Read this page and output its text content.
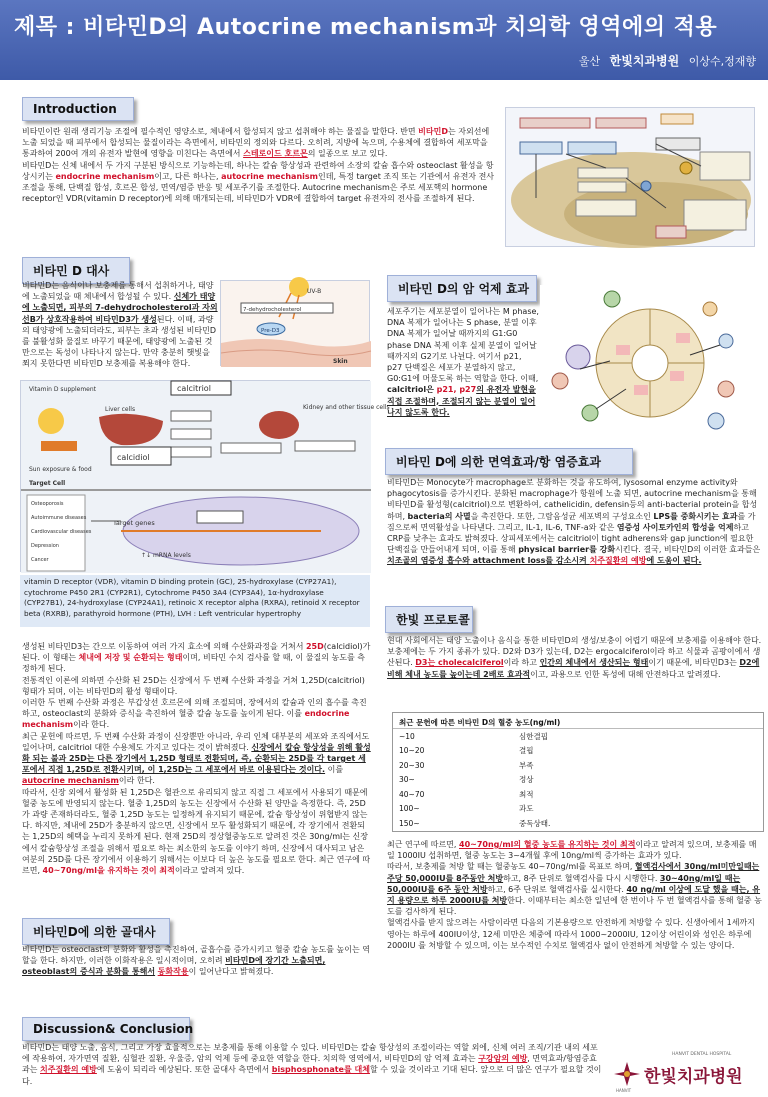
제목 : 비타민D의 Autocrine mechanism과 치의학 영역에의 적용
울산 한빛치과병원 이상수,정재향
Introduction
비타민이란 원래 생리기능 조절에 필수적인 영양소로, 체내에서 합성되지 않고 섭취해야 하는 물질을 말한다. 반면 비타민D는 자외선에 노출 되었을 때 피부에서 합성되는 물질이라는 측면에서, 비타민의 정의와 다르다. 오히려, 지방에 녹으며, 수용체에 결합하여 세포막을 통과하여 200여 개의 유전자 발현에 영향을 미친다는 측면에서 스테로이드 호르몬의 일종으로 보고 있다.
비타민D는 신체 내에서 두 가지 구분된 방식으로 기능하는데, 하나는 칼슘 항상성과 관련하여 소장의 칼슘 흡수와 osteoclast 활성을 항상시키는 endocrine mechanism이고, 다른 하나는, autocrine mechanism인데, 특정 target 조직 또는 기관에서 유전자 전사 조절을 통해, 단백질 합성, 호르몬 합성, 면역/염증 반응 및 세포주기를 조절한다. Autocrine mechanism은 주로 세포핵의 hormone receptor인 VDR(vitamin D receptor)에 의해 매개되는데, 비타민D가 VDR에 결합하여 target 유전자의 전사를 조절하게 된다.
비타민 D 대사
비타민D는 음식이나 보충제를 통해서 섭취하거나, 태양에 노출되었을 때 체내에서 합성될 수 있다. 신체가 태양에 노출되면, 피부의 7-dehydrocholesterol과 자외선B가 상호작용하여 비타민D3가 생성된다. 이때, 과량의 태양광에 노출되더라도, 피부는 초과 생성된 비타민D를 불활성화 물질로 바꾸기 때문에, 태양광에 노출된 것만으로는 독성이 나타나지 않는다. 만약 충분히 햇빛을 쬐지 못한다면 비타민D 보충제를 복용해야 한다.
UV-B
7-dehydrocholesterol
Pre-D3
Skin
Vitamin D supplement
Sun exposure & food
Liver cells
calcitriol
Kidney and other tissue cells
calcidiol
Target Cell
Osteoporosis
Autoimmune diseases
Cardiovascular diseases
Depression
Cancer
Target genes
↑↓ mRNA levels
vitamin D receptor (VDR), vitamin D binding protein (GC), 25-hydroxylase (CYP27A1), cytochrome P450 2R1 (CYP2R1), Cytochrome P450 3A4 (CYP3A4), 1α-hydroxylase (CYP27B1), 24-hydroxylase (CYP24A1), retinoic X receptor alpha (RXRA), retinoid X receptor beta (RXRB), parathyroid hormone (PTH), LVH : Left ventricular hypertrophy
생성된 비타민D3는 간으로 이동하여 여러 가지 효소에 의해 수산화과정을 거쳐서 25D(calcidiol)가 된다. 이 형태는 체내에 저장 및 순환되는 형태이며, 비타민 수치 검사를 할 때, 이 물질의 농도를 측정하게 된다.
전통적인 이론에 의하면 수산화 된 25D는 신장에서 두 번째 수산화 과정을 거쳐 1,25D(calcitriol)형태가 되며, 이는 비타민D의 활성 형태이다.
이러한 두 번째 수산화 과정은 부갑상선 호르몬에 의해 조절되며, 장에서의 칼슘과 인의 흡수를 촉진하고, osteoclast의 분화와 증식을 촉진하여 혈중 칼슘 농도를 높이게 된다. 이를 endocrine mechanism이라 한다.
최근 문헌에 따르면, 두 번째 수산화 과정이 신장뿐만 아니라, 우리 인체 대부분의 세포와 조직에서도 일어나며, calcitriol 대한 수용체도 가지고 있다는 것이 밝혀졌다. 신장에서 칼슘 항상성을 위해 활성화 되는 불과 25D는 다른 장기에서 1,25D 형태로 전환되며, 즉, 순환되는 25D를 각 target 세포에서 직접 1,25D로 전환시키며, 이 1,25D는 그 세포에서 바로 이용된다는 것이다. 이를 autocrine mechanism이라 한다.
따라서, 신장 외에서 활성화 된 1,25D은 혈관으로 유리되지 않고 직접 그 세포에서 사용되기 때문에 혈중 농도에 반영되지 않는다. 혈중 1,25D의 농도는 신장에서 수산화 된 양만을 측정한다. 즉, 25D가 과량 존재하더라도, 혈중 1,25D 농도는 일정하게 유지되기 때문에, 칼슘 항상성이 위협받지 않는다. 하지만, 체내에 25D가 충분하지 않으면, 신장에서 모두 활성화되기 때문에, 각 장기에서 전환되는 1,25D의 혜택을 누리지 못하게 된다. 현재 25D의 정상혈중농도로 알려진 것은 30ng/ml는 신장에서 칼슘항상성 조절을 위해서 필요로 하는 최소한의 농도를 이야기 하며, 신장에서 대사되고 남은 여분의 25D를 다른 장기에서 이용하기 위해서는 이보다 더 높은 농도를 필요로 한다. 최근 연구에 따르면, 40~70ng/ml을 유지하는 것이 최적이라고 알려져 있다.
비타민D에 의한 골대사
비타민D는 osteoclast의 분화와 활성을 촉진하여, 골흡수를 증가시키고 혈중 칼슘 농도를 높이는 역할을 한다. 하지만, 이러한 이화작용은 일시적이며, 오히려 비타민D에 장기간 노출되면, osteoblast의 증식과 분화를 통해서 동화작용이 일어난다고 밝혀졌다.
비타민 D의 암 억제 효과
세포주기는 세포분열이 일어나는 M phase, DNA 복제가 일어나는 S phase, 분열 이후 DNA 복제가 일어날 때까지의 G1:G0 phase DNA 복제 이후 실제 분열이 일어날 때까지의 G2기로 나뉜다. 여기서 p21, p27 단백질은 세포가 분열하지 않고, G0:G1에 머물도록 하는 역할을 한다. 이때, calcitriol은 p21, p27의 유전자 발현을 직접 조절하며, 조절되지 않는 분열이 일어나지 않도록 한다.
비타민 D에 의한 면역효과/항 염증효과
비타민D는 Monocyte가 macrophage로 분화하는 것을 유도하여, lysosomal enzyme activity와 phagocytosis를 증가시킨다. 분화된 macrophage가 항원에 노출 되면, autocrine mechanism을 통해 비타민D를 활성형(calcitriol)으로 변환하여, cathelicidin, defensin등의 anti-bacterial protein을 합성하며, bacteria의 사멸을 촉진한다. 또한, 그람음성균 세포벽의 구성요소인 LPS를 중화시키는 효과를 가짐으로써 면역활성을 나타낸다. 그리고, IL-1, IL-6, TNF-a와 같은 염증성 사이토카인의 합성을 억제하고 CRP를 낮추는 효과도 밝혀졌다. 상피세포에서는 calcitriol이 tight adherens와 gap junction에 필요한 단백질을 만들어내게 되며, 이를 통해 physical barrier를 강화시킨다. 결국, 비타민D의 이러한 효과들은 치조골의 염증성 흡수와 attachment loss를 감소시켜 치주질환의 예방에 도움이 된다.
한빛 프로토콜
현대 사회에서는 태양 노출이나 음식을 통한 비타민D의 생성/보충이 어렵기 때문에 보충제를 이용해야 한다. 보충제에는 두 가지 종류가 있다. D2와 D3가 있는데, D2는 ergocalciferol이라 하고 식물과 곰팡이에서 생산된다. D3는 cholecalciferol이라 하고 인간의 체내에서 생산되는 형태이기 때문에, 비타민D3는 D2에 비해 체내 농도를 높이는데 2배로 효과적이고, 과용으로 인한 독성에 대해 안전하다고 알려졌다.
최근 문헌에 따른 비타민 D의 혈중 농도(ng/ml)
~10	심한결핍
10~20	결핍
20~30	부족
30~	정상
40~70	최적
100~	과도
150~	중독상태.
최근 연구에 따르면, 40~70ng/ml의 혈중 농도를 유지하는 것이 최적이라고 알려져 있으며, 보충제를 매일 1000IU 섭취하면, 혈중 농도는 3~4개월 후에 10ng/ml씩 증가하는 효과가 있다.
따라서, 보충제를 처방 할 때는 혈중농도 40~70ng/ml를 목표로 하며, 혈액검사에서 30ng/ml미만일때는 주당 50,000IU를 8주동안 처방하고, 8주 단위로 혈액검사를 다시 시행한다. 30~40ng/ml일 때는 50,000IU를 6주 동안 처방하고, 6주 단위로 혈액검사를 실시한다. 40 ng/ml 이상에 도달 했을 때는, 유지 용량으로 하루 2000IU를 처방한다. 이때부터는 최소한 일년에 한 번이나 두 번 혈액검사를 통해 혈중 농도를 검사하게 된다.
혈액검사를 받지 않으려는 사람이라면 다음의 기본용량으로 안전하게 처방할 수 있다. 신생아에서 1세까지 영아는 하루에 400IU이상, 12세 미만은 체중에 따라서 1000~2000IU, 12이상 어린이와 성인은 하루에 2000IU 를 처방할 수 있으며, 이는 보수적인 수치로 혈액검사 없이 안전하게 처방할 수 있는 양이다.
Discussion& Conclusion
비타민D는 태양 노출, 음식, 그리고 가장 효율적으로는 보충제를 통해 이용할 수 있다. 비타민D는 칼슘 항상성의 조절이라는 역할 외에, 신체 여러 조직/기관 내의 세포에 작용하여, 자가면역 질환, 심혈관 질환, 우울증, 암의 억제 등에 중요한 역할을 한다. 치의학 영역에서, 비타민D의 암 억제 효과는 구강암의 예방, 면역효과/항염증효과는 치주질환의 예방에 도움이 되리라 예상된다. 또한 골대사 측면에서 bisphosphonate를 대체할 수 있을 것이라고 기대 된다. 앞으로 더 많은 연구가 필요할 것이다.
HANVIT DENTAL HOSPITAL
한빛치과병원
HANVIT
